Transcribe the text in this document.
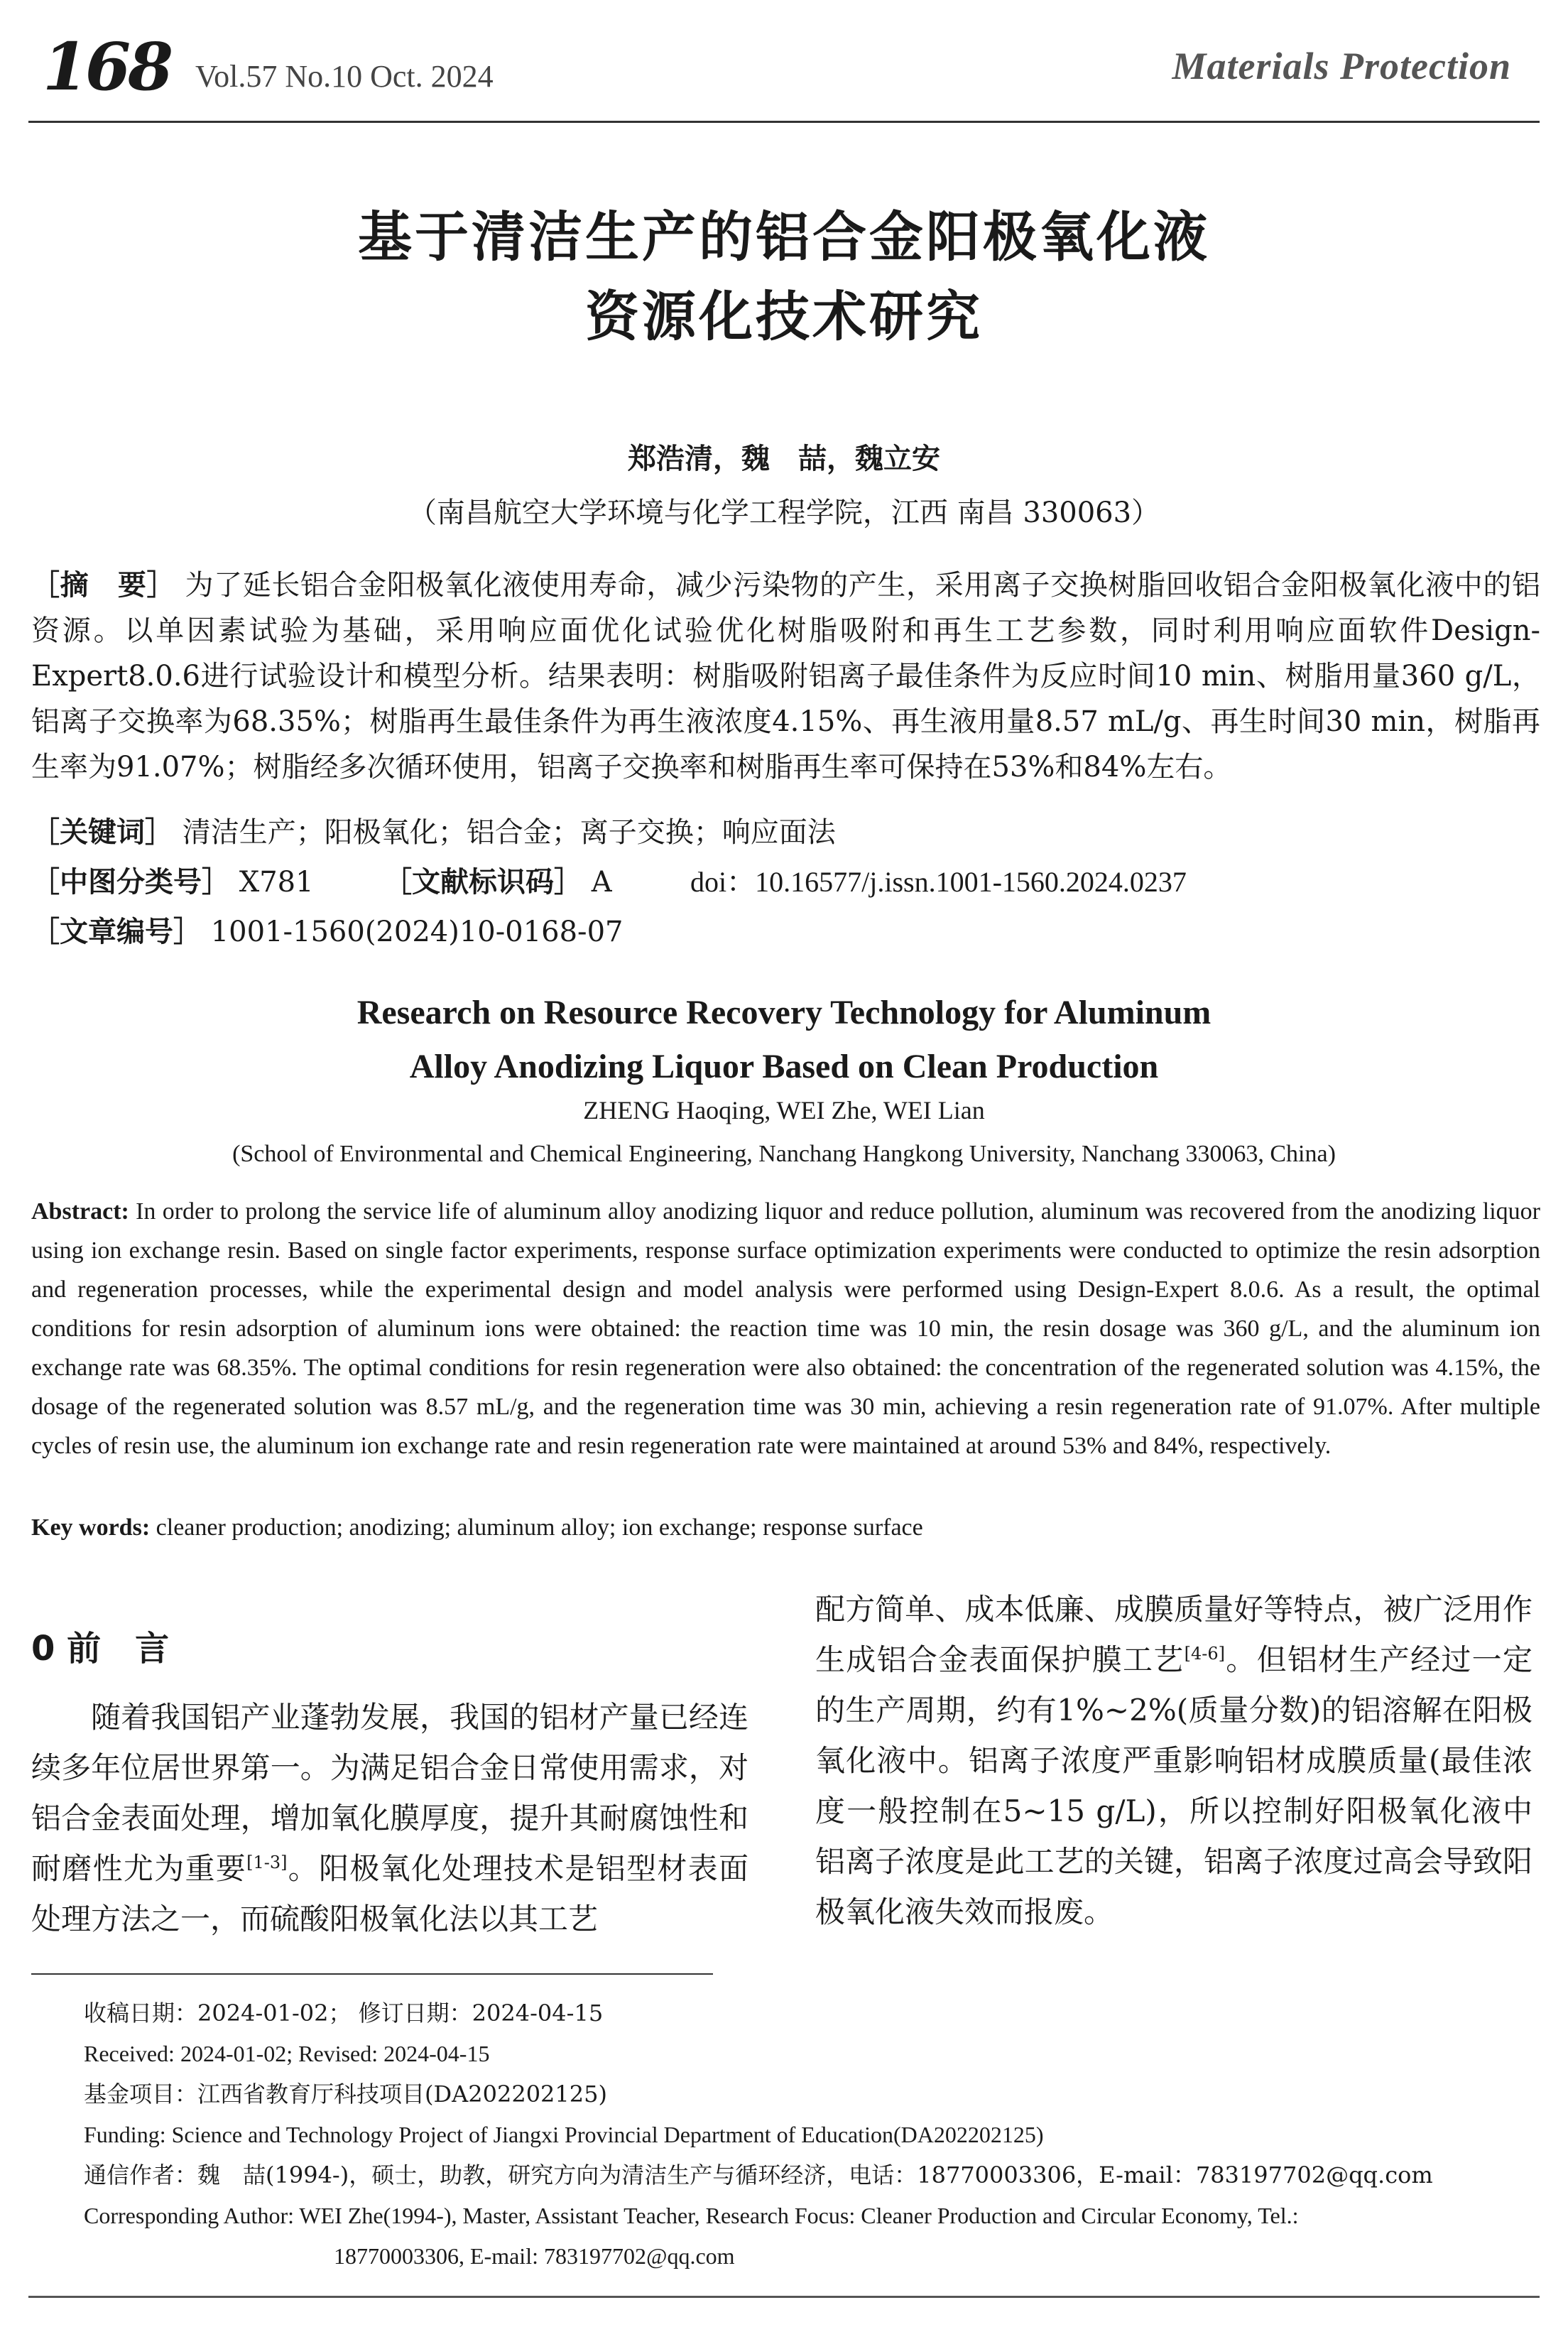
168 Vol.57 No.10 Oct. 2024	Materials Protection
基于清洁生产的铝合金阳极氧化液
资源化技术研究
郑浩清，魏　喆，魏立安
（南昌航空大学环境与化学工程学院，江西 南昌 330063）

［摘　要］ 为了延长铝合金阳极氧化液使用寿命，减少污染物的产生，采用离子交换树脂回收铝合金阳极氧化液中的铝资源。以单因素试验为基础，采用响应面优化试验优化树脂吸附和再生工艺参数，同时利用响应面软件Design-Expert8.0.6进行试验设计和模型分析。结果表明：树脂吸附铝离子最佳条件为反应时间10 min、树脂用量360 g/L，铝离子交换率为68.35%；树脂再生最佳条件为再生液浓度4.15%、再生液用量8.57 mL/g、再生时间30 min，树脂再生率为91.07%；树脂经多次循环使用，铝离子交换率和树脂再生率可保持在53%和84%左右。

［关键词］ 清洁生产；阳极氧化；铝合金；离子交换；响应面法
［中图分类号］ X781 ［文献标识码］ A	doi：10.16577/j.issn.1001-1560.2024.0237
［文章编号］ 1001-1560(2024)10-0168-07
Research on Resource Recovery Technology for Aluminum
Alloy Anodizing Liquor Based on Clean Production
ZHENG Haoqing, WEI Zhe, WEI Lian
(School of Environmental and Chemical Engineering, Nanchang Hangkong University, Nanchang 330063, China)
Abstract: In order to prolong the service life of aluminum alloy anodizing liquor and reduce pollution, aluminum was recovered from the anodizing liquor using ion exchange resin. Based on single factor experiments, response surface optimization experiments were conducted to optimize the resin adsorption and regeneration processes, while the experimental design and model analysis were performed using Design-Expert 8.0.6. As a result, the optimal conditions for resin adsorption of aluminum ions were obtained: the reaction time was 10 min, the resin dosage was 360 g/L, and the aluminum ion exchange rate was 68.35%. The optimal conditions for resin regeneration were also obtained: the concentration of the regenerated solution was 4.15%, the dosage of the regenerated solution was 8.57 mL/g, and the regeneration time was 30 min, achieving a resin regeneration rate of 91.07%. After multiple cycles of resin use, the aluminum ion exchange rate and resin regeneration rate were maintained at around 53% and 84%, respectively.
Key words: cleaner production; anodizing; aluminum alloy; ion exchange; response surface
0 前　言
随着我国铝产业蓬勃发展，我国的铝材产量已经连续多年位居世界第一。为满足铝合金日常使用需求，对铝合金表面处理，增加氧化膜厚度，提升其耐腐蚀性和耐磨性尤为重要[1-3]。阳极氧化处理技术是铝型材表面处理方法之一，而硫酸阳极氧化法以其工艺
配方简单、成本低廉、成膜质量好等特点，被广泛用作生成铝合金表面保护膜工艺[4-6]。但铝材生产经过一定的生产周期，约有1%~2%(质量分数)的铝溶解在阳极氧化液中。铝离子浓度严重影响铝材成膜质量(最佳浓度一般控制在5~15 g/L)，所以控制好阳极氧化液中铝离子浓度是此工艺的关键，铝离子浓度过高会导致阳极氧化液失效而报废。
收稿日期：2024-01-02； 修订日期：2024-04-15
Received: 2024-01-02; Revised: 2024-04-15
基金项目：江西省教育厅科技项目(DA202202125)
Funding: Science and Technology Project of Jiangxi Provincial Department of Education(DA202202125)
通信作者：魏　喆(1994-)，硕士，助教，研究方向为清洁生产与循环经济，电话：18770003306，E-mail：783197702@qq.com
Corresponding Author: WEI Zhe(1994-), Master, Assistant Teacher, Research Focus: Cleaner Production and Circular Economy, Tel.:
18770003306, E-mail: 783197702@qq.com
